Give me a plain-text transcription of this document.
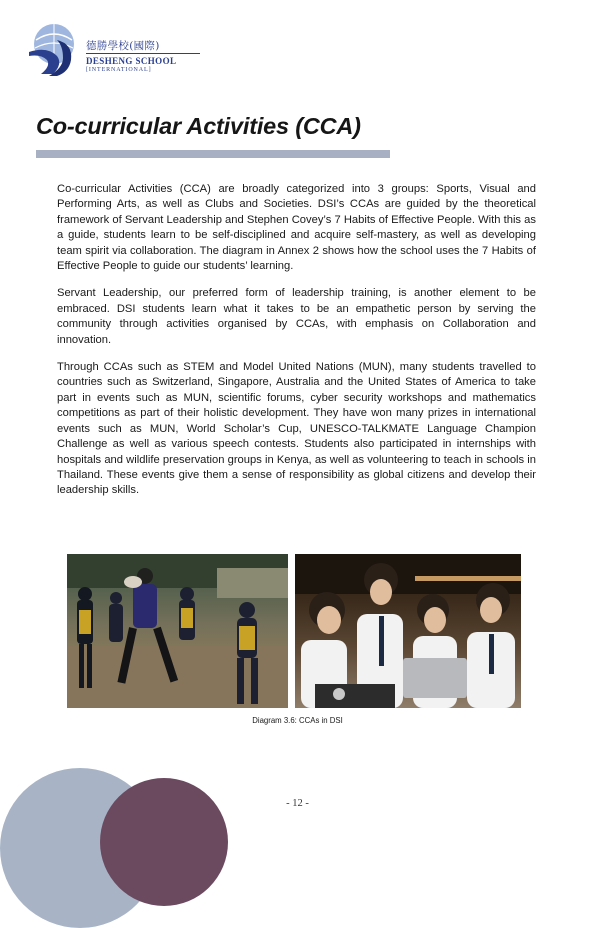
德勝學校(國際)
DESHENG SCHOOL
[INTERNATIONAL]
Co-curricular Activities (CCA)

Co-curricular Activities (CCA) are broadly categorized into 3 groups: Sports, Visual and Performing Arts, as well as Clubs and Societies. DSI’s CCAs are guided by the theoretical framework of Servant Leadership and Stephen Covey’s 7 Habits of Effective People. With this as a guide, students learn to be self-disciplined and acquire self-mastery, as well as developing team spirit via collaboration. The diagram in Annex 2 shows how the school uses the 7 Habits of Effective People to guide our students’ learning.

Servant Leadership, our preferred form of leadership training, is another element to be embraced. DSI students learn what it takes to be an empathetic person by serving the community through activities organised by CCAs, with emphasis on Collaboration and innovation.

Through CCAs such as STEM and Model United Nations (MUN), many students travelled to countries such as Switzerland, Singapore, Australia and the United States of America to take part in events such as MUN, scientific forums, cyber security workshops and mathematics competitions as part of their holistic development. They have won many prizes in international events such as MUN, World Scholar’s Cup, UNESCO-TALKMATE Language Champion Challenge as well as various speech contests. Students also participated in internships with hospitals and wildlife preservation groups in Kenya, as well as volunteering to teach in schools in Thailand. These events give them a sense of responsibility as global citizens and develop their leadership skills.

Diagram 3.6: CCAs in DSI
- 12 -
